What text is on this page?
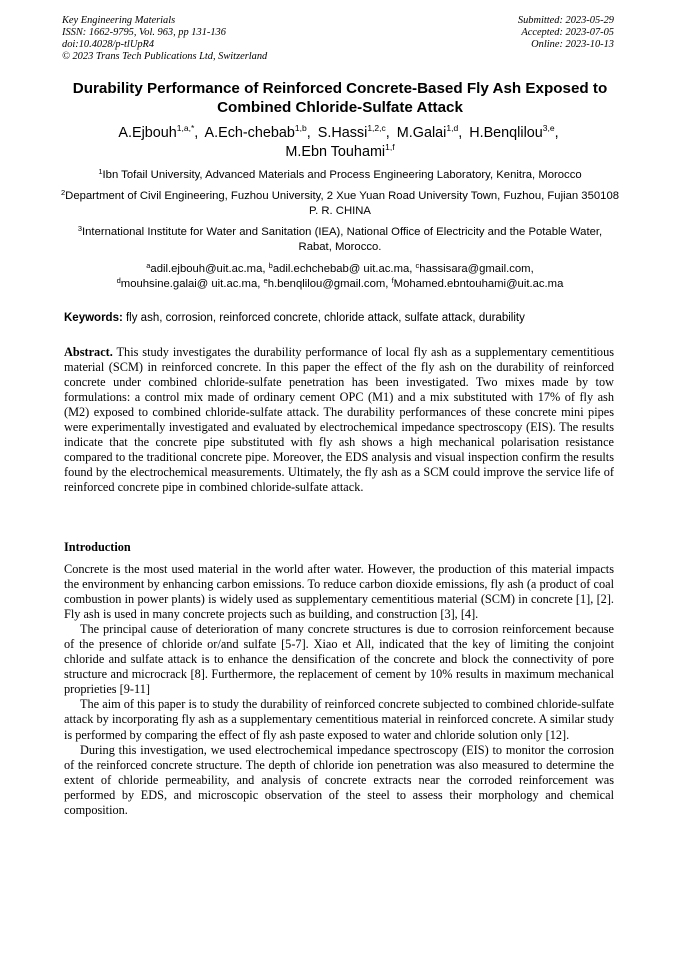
Key Engineering Materials
ISSN: 1662-9795, Vol. 963, pp 131-136
doi:10.4028/p-tlUpR4
© 2023 Trans Tech Publications Ltd, Switzerland
Submitted: 2023-05-29
Accepted: 2023-07-05
Online: 2023-10-13
Durability Performance of Reinforced Concrete-Based Fly Ash Exposed to Combined Chloride-Sulfate Attack
A.Ejbouh$^{1,a,*}$, A.Ech-chebab$^{1,b}$, S.Hassi$^{1,2,c}$, M.Galai$^{1,d}$, H.Benqlilou$^{3,e}$,
M.Ebn Touhami$^{1,f}$
$^1$Ibn Tofail University, Advanced Materials and Process Engineering Laboratory, Kenitra, Morocco
$^2$Department of Civil Engineering, Fuzhou University, 2 Xue Yuan Road University Town, Fuzhou, Fujian 350108 P. R. CHINA
$^3$International Institute for Water and Sanitation (IEA), National Office of Electricity and the Potable Water, Rabat, Morocco.
$^a$adil.ejbouh@uit.ac.ma, $^b$adil.echchebab@ uit.ac.ma, $^c$hassisara@gmail.com,
$^d$mouhsine.galai@ uit.ac.ma, $^e$h.benqlilou@gmail.com, $^f$Mohamed.ebntouhami@uit.ac.ma
Keywords: fly ash, corrosion, reinforced concrete, chloride attack, sulfate attack, durability
Abstract. This study investigates the durability performance of local fly ash as a supplementary cementitious material (SCM) in reinforced concrete. In this paper the effect of the fly ash on the durability of reinforced concrete under combined chloride-sulfate penetration has been investigated. Two mixes made by tow formulations: a control mix made of ordinary cement OPC (M1) and a mix substituted with 17% of fly ash (M2) exposed to combined chloride-sulfate attack. The durability performances of these concrete mini pipes were experimentally investigated and evaluated by electrochemical impedance spectroscopy (EIS). The results indicate that the concrete pipe substituted with fly ash shows a high mechanical polarisation resistance compared to the traditional concrete pipe. Moreover, the EDS analysis and visual inspection confirm the results found by the electrochemical measurements. Ultimately, the fly ash as a SCM could improve the service life of reinforced concrete pipe in combined chloride-sulfate attack.
Introduction

Concrete is the most used material in the world after water. However, the production of this material impacts the environment by enhancing carbon emissions. To reduce carbon dioxide emissions, fly ash (a product of coal combustion in power plants) is widely used as supplementary cementitious material (SCM) in concrete [1], [2]. Fly ash is used in many concrete projects such as building, and construction [3], [4].

The principal cause of deterioration of many concrete structures is due to corrosion reinforcement because of the presence of chloride or/and sulfate [5-7]. Xiao et All, indicated that the key of limiting the conjoint chloride and sulfate attack is to enhance the densification of the concrete and block the connectivity of pore structure and microcrack [8]. Furthermore, the replacement of cement by 10% results in maximum mechanical proprieties [9-11]

The aim of this paper is to study the durability of reinforced concrete subjected to combined chloride-sulfate attack by incorporating fly ash as a supplementary cementitious material in reinforced concrete. A similar study is performed by comparing the effect of fly ash paste exposed to water and chloride solution only [12].

During this investigation, we used electrochemical impedance spectroscopy (EIS) to monitor the corrosion of the reinforced concrete structure. The depth of chloride ion penetration was also measured to determine the extent of chloride permeability, and analysis of concrete extracts near the corroded reinforcement was performed by EDS, and microscopic observation of the steel to assess their morphology and chemical composition.
